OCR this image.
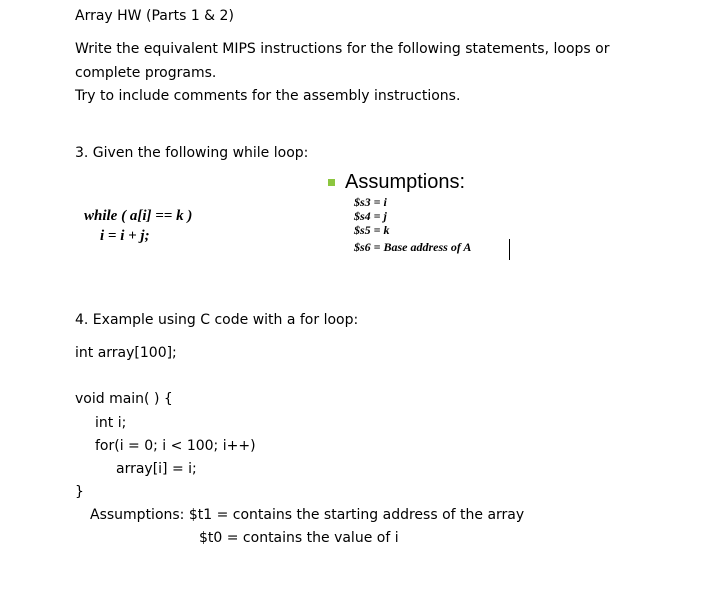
Array HW (Parts 1 & 2)
Write the equivalent MIPS instructions for the following statements, loops or
complete programs.
Try to include comments for the assembly instructions.
3. Given the following while loop:
while ( a[i] == k )
i = i + j;
Assumptions:
$s3 = i
$s4 = j
$s5 = k
$s6 = Base address of A
4. Example using C code with a for loop:
int array[100];
void main( ) {
int i;
for(i = 0; i < 100; i++)
array[i] = i;
}
Assumptions: $t1 = contains the starting address of the array
$t0 = contains the value of i
